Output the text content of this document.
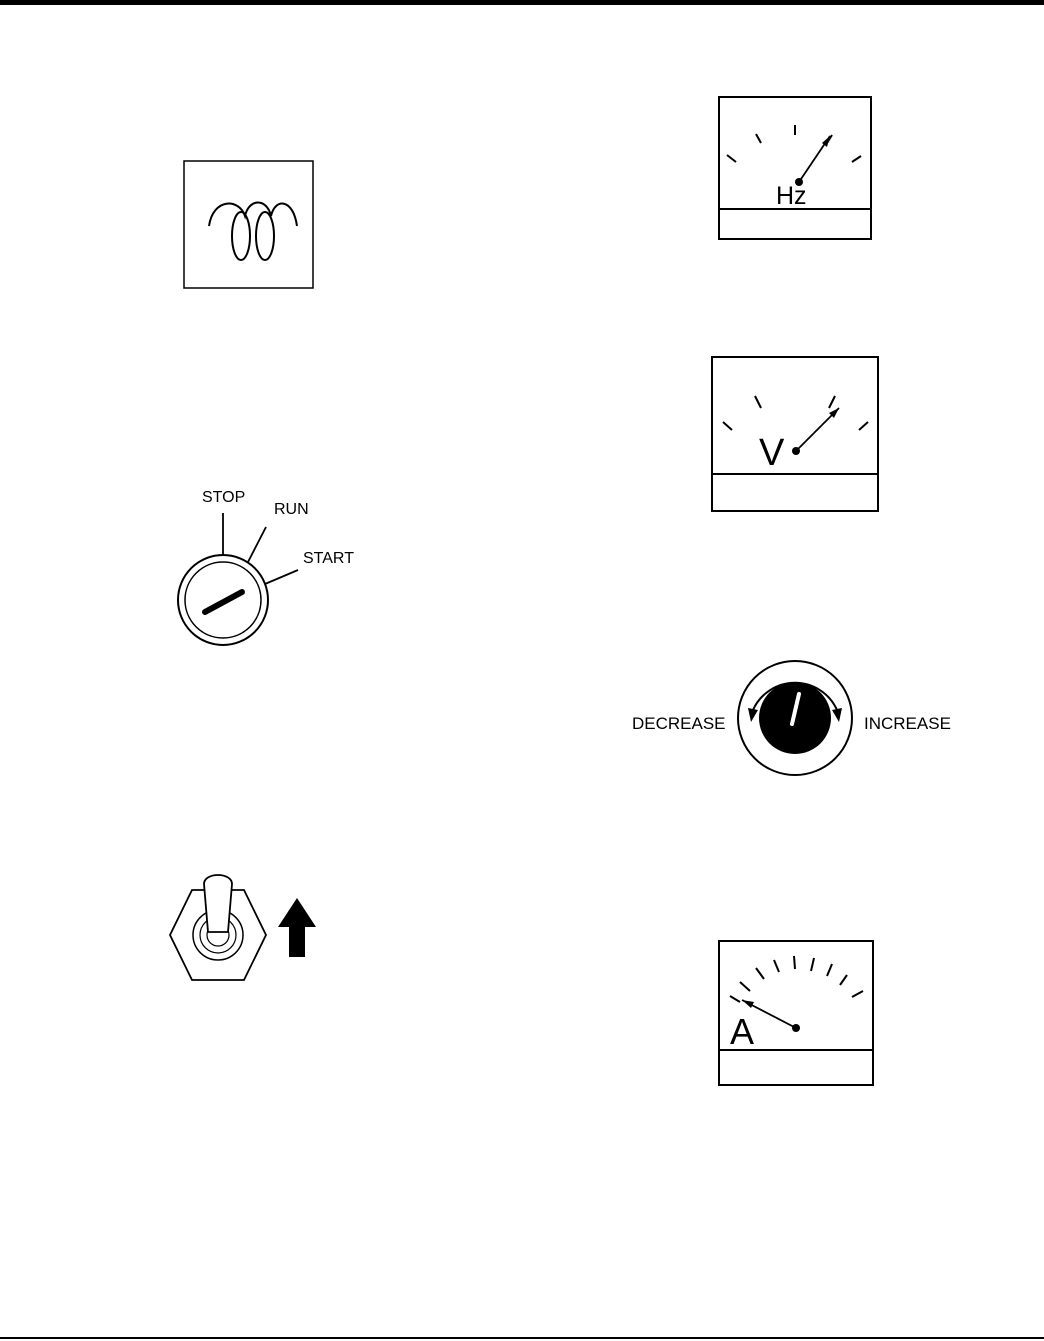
STOP
RUN
START
Hz
V
DECREASE	INCREASE
A
